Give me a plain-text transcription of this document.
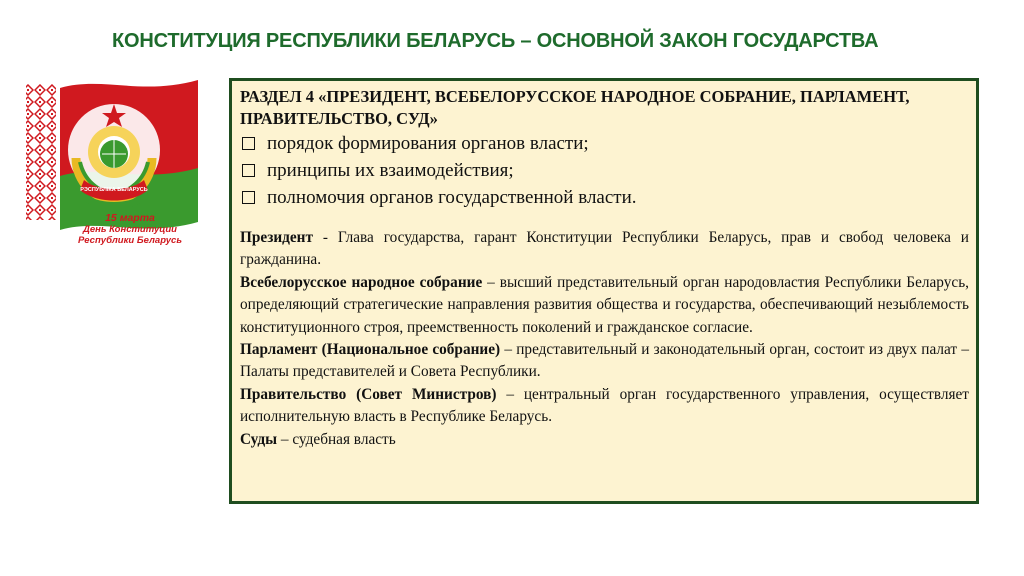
КОНСТИТУЦИЯ РЕСПУБЛИКИ БЕЛАРУСЬ – ОСНОВНОЙ ЗАКОН ГОСУДАРСТВА
РЭСПУБЛІКА БЕЛАРУСЬ
15 марта
День Конституции
Республики Беларусь

РАЗДЕЛ 4 «ПРЕЗИДЕНТ, ВСЕБЕЛОРУССКОЕ НАРОДНОЕ СОБРАНИЕ, ПАРЛАМЕНТ, ПРАВИТЕЛЬСТВО, СУД»

порядок формирования органов власти;
принципы их взаимодействия;
полномочия органов государственной власти.

Президент - Глава государства, гарант Конституции Республики Беларусь, прав и свобод человека и гражданина.

Всебелорусское народное собрание – высший представительный орган народовластия Республики Беларусь, определяющий стратегические направления развития общества и государства, обеспечивающий незыблемость конституционного строя, преемственность поколений и гражданское согласие.

Парламент (Национальное собрание) – представительный и законодательный орган, состоит из двух палат – Палаты представителей и Совета Республики.

Правительство (Совет Министров) – центральный орган государственного управления, осуществляет исполнительную власть в Республике Беларусь.

Суды – судебная власть
